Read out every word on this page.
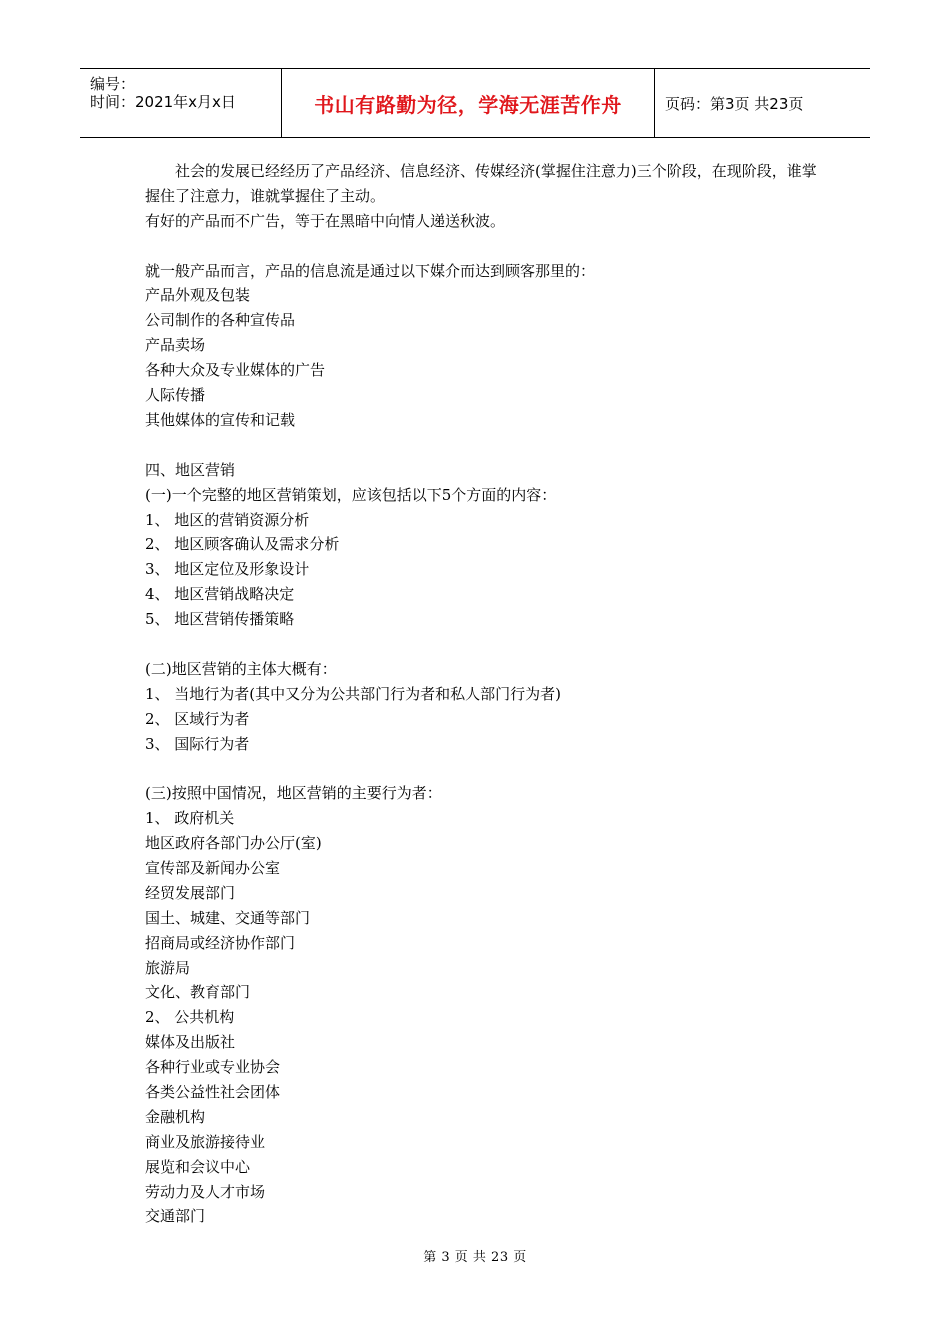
编号：
时间：2021年x月x日	书山有路勤为径，学海无涯苦作舟	页码：第3页 共23页
社会的发展已经经历了产品经济、信息经济、传媒经济(掌握住注意力)三个阶段，在现阶段，谁掌握住了注意力，谁就掌握住了主动。
有好的产品而不广告，等于在黑暗中向情人递送秋波。
就一般产品而言，产品的信息流是通过以下媒介而达到顾客那里的：
产品外观及包装
公司制作的各种宣传品
产品卖场
各种大众及专业媒体的广告
人际传播
其他媒体的宣传和记载
四、地区营销
(一)一个完整的地区营销策划，应该包括以下5个方面的内容：
1、 地区的营销资源分析
2、 地区顾客确认及需求分析
3、 地区定位及形象设计
4、 地区营销战略决定
5、 地区营销传播策略
(二)地区营销的主体大概有：
1、 当地行为者(其中又分为公共部门行为者和私人部门行为者)
2、 区域行为者
3、 国际行为者
(三)按照中国情况，地区营销的主要行为者：
1、 政府机关
地区政府各部门办公厅(室)
宣传部及新闻办公室
经贸发展部门
国土、城建、交通等部门
招商局或经济协作部门
旅游局
文化、教育部门
2、 公共机构
媒体及出版社
各种行业或专业协会
各类公益性社会团体
金融机构
商业及旅游接待业
展览和会议中心
劳动力及人才市场
交通部门
第 3 页 共 23 页
